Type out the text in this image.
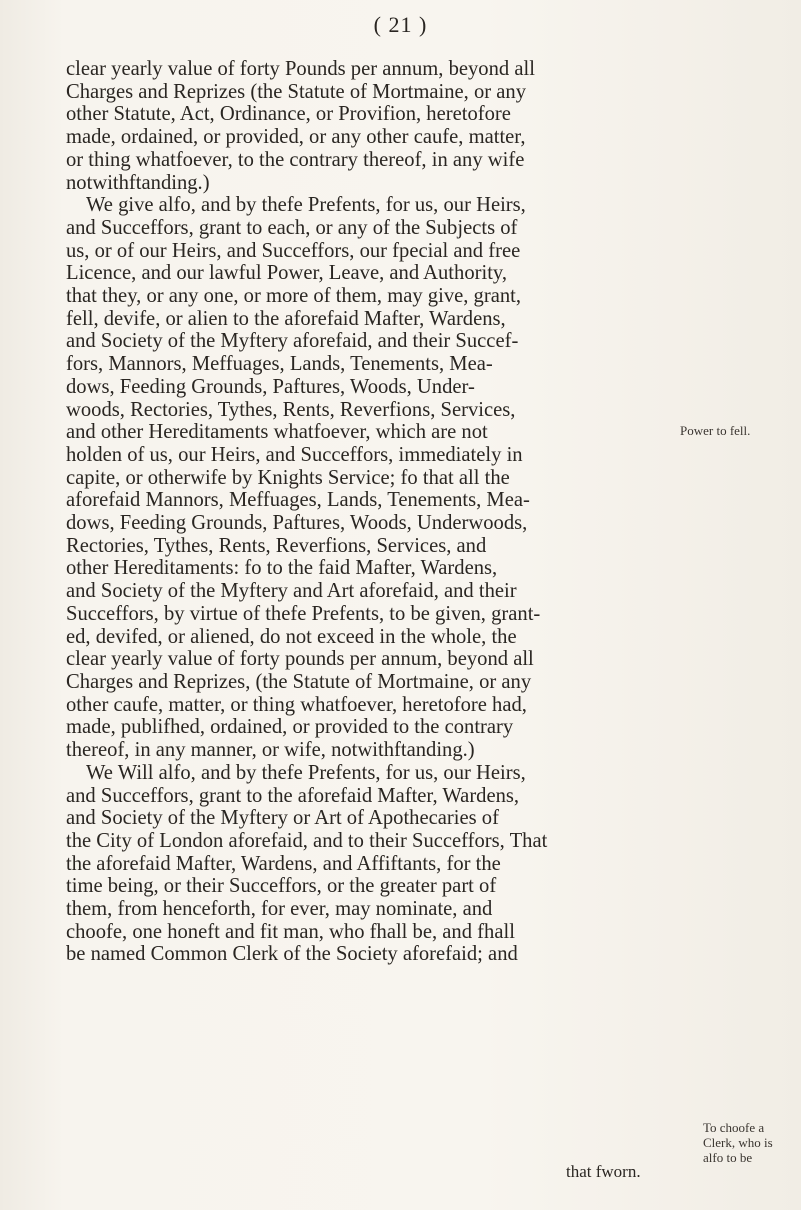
( 21 )
clear yearly value of forty Pounds per annum, beyond all
Charges and Reprizes (the Statute of Mortmaine, or any
other Statute, Act, Ordinance, or Provifion, heretofore
made, ordained, or provided, or any other caufe, matter,
or thing whatfoever, to the contrary thereof, in any wife
notwithftanding.)
We give alfo, and by thefe Prefents, for us, our Heirs,
and Succeffors, grant to each, or any of the Subjects of
us, or of our Heirs, and Succeffors, our fpecial and free
Licence, and our lawful Power, Leave, and Authority,
that they, or any one, or more of them, may give, grant,
fell, devife, or alien to the aforefaid Mafter, Wardens,
and Society of the Myftery aforefaid, and their Succef-
fors, Mannors, Meffuages, Lands, Tenements, Mea-
dows, Feeding Grounds, Paftures, Woods, Under-
woods, Rectories, Tythes, Rents, Reverfions, Services,
and other Hereditaments whatfoever, which are not
holden of us, our Heirs, and Succeffors, immediately in
capite, or otherwife by Knights Service; fo that all the
aforefaid Mannors, Meffuages, Lands, Tenements, Mea-
dows, Feeding Grounds, Paftures, Woods, Underwoods,
Rectories, Tythes, Rents, Reverfions, Services, and
other Hereditaments: fo to the faid Mafter, Wardens,
and Society of the Myftery and Art aforefaid, and their
Succeffors, by virtue of thefe Prefents, to be given, grant-
ed, devifed, or aliened, do not exceed in the whole, the
clear yearly value of forty pounds per annum, beyond all
Charges and Reprizes, (the Statute of Mortmaine, or any
other caufe, matter, or thing whatfoever, heretofore had,
made, publifhed, ordained, or provided to the contrary
thereof, in any manner, or wife, notwithftanding.)
We Will alfo, and by thefe Prefents, for us, our Heirs,
and Succeffors, grant to the aforefaid Mafter, Wardens,
and Society of the Myftery or Art of Apothecaries of
the City of London aforefaid, and to their Succeffors, That
the aforefaid Mafter, Wardens, and Affiftants, for the
time being, or their Succeffors, or the greater part of
them, from henceforth, for ever, may nominate, and
choofe, one honeft and fit man, who fhall be, and fhall
be named Common Clerk of the Society aforefaid; and
Power to fell.
To choofe a
Clerk, who is
alfo to be
that fworn.
